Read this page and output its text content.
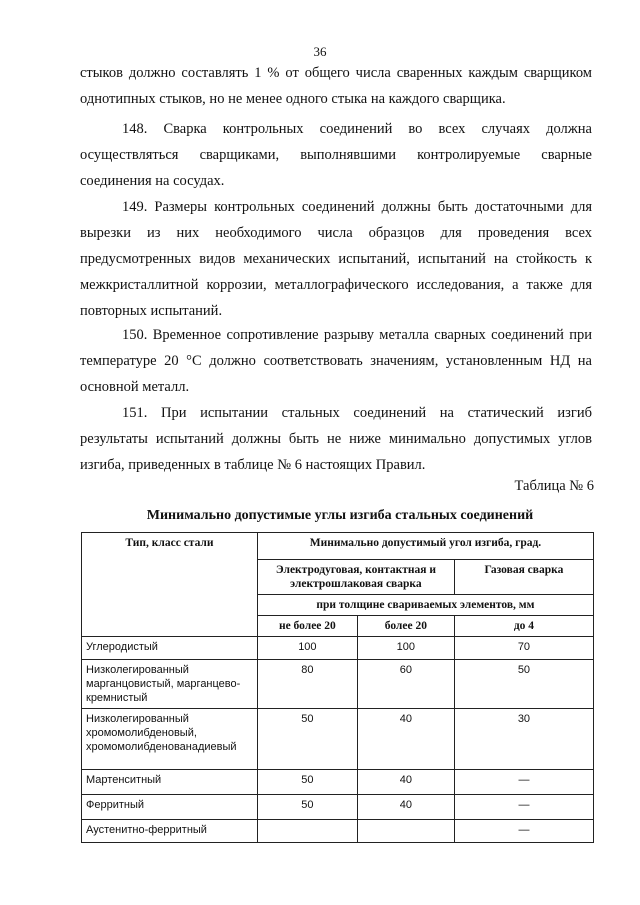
36
стыков должно составлять 1 % от общего числа сваренных каждым сварщиком
однотипных стыков, но не менее одного стыка на каждого сварщика.
148. Сварка контрольных соединений во всех случаях должна
осуществляться сварщиками, выполнявшими контролируемые сварные
соединения на сосудах.
149. Размеры контрольных соединений должны быть достаточными для
вырезки из них необходимого числа образцов для проведения всех
предусмотренных видов механических испытаний, испытаний на стойкость к
межкристаллитной коррозии, металлографического исследования, а также для
повторных испытаний.
150. Временное сопротивление разрыву металла сварных соединений при
температуре 20 °С должно соответствовать значениям, установленным НД на
основной металл.
151. При испытании стальных соединений на статический изгиб
результаты испытаний должны быть не ниже минимально допустимых углов
изгиба, приведенных в таблице № 6 настоящих Правил.
Таблица № 6
Минимально допустимые углы изгиба стальных соединений
Тип, класс стали	Минимально допустимый угол изгиба, град.		
	Электродуговая, контактная и электрошлаковая сварка		Газовая сварка
	при толщине свариваемых элементов, мм		
	не более 20	более 20	до 4
Углеродистый	100	100	70
Низколегированный марганцовистый, марганцево-кремнистый	80	60	50
Низколегированный хромомолибденовый, хромомолибденованадиевый	50	40	30
Мартенситный	50	40	—
Ферритный	50	40	—
Аустенитно-ферритный			—
